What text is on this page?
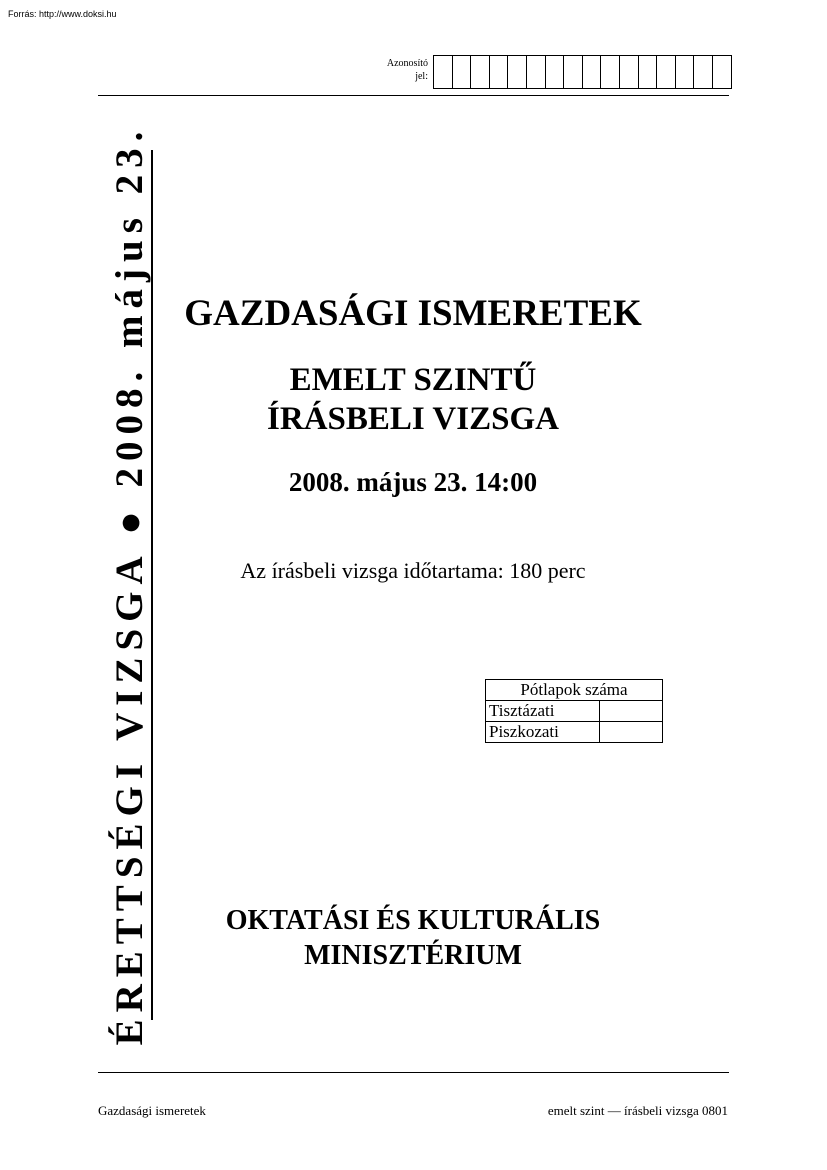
Forrás: http://www.doksi.hu
Azonosító
jel:
ÉRETTSÉGI VIZSGA ● 2008. május 23. GAZDASÁGI ISMERETEK
EMELT SZINTŰ
ÍRÁSBELI VIZSGA
2008. május 23. 14:00
Az írásbeli vizsga időtartama: 180 perc
Pótlapok száma	
Tisztázati	
Piszkozati	
OKTATÁSI ÉS KULTURÁLIS
MINISZTÉRIUM
Gazdasági ismeretek	emelt szint — írásbeli vizsga 0801
